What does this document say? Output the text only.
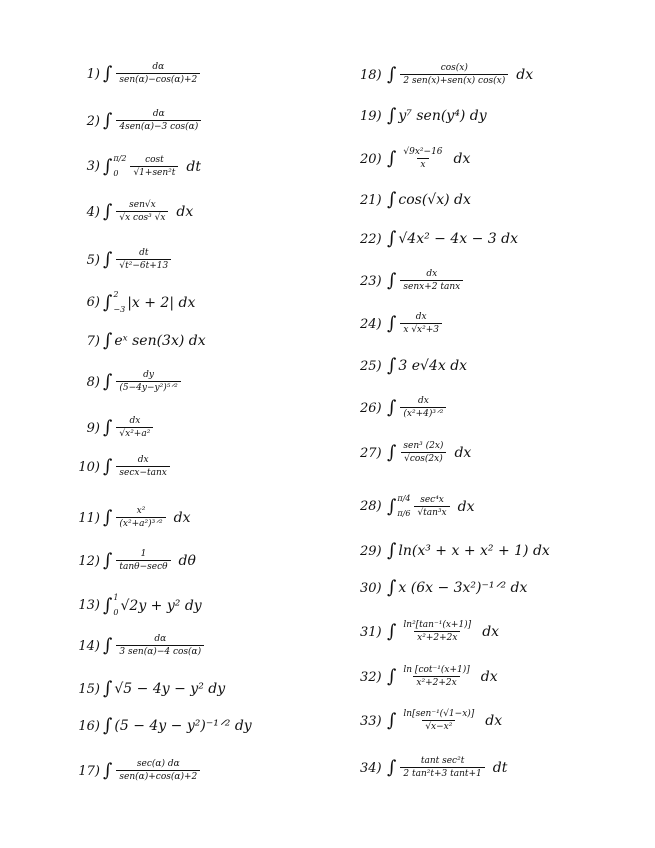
1) ∫ $\frac{d\alpha}{\text{sen(α)−cos(α)+2}}$
2) ∫ $\frac{d\alpha}{\text{4sen(α)−3 cos(α)}}$
3) ∫ π/2
0	$\frac{\cos t}{\text{√1+sen²t}}$ dt
4) ∫ $\frac{\text{sen√x}}{\text{√x cos³ √x}}$ dx
5) ∫ $\frac{dt}{\text{√t²−6t+13}}$
6) ∫ 2
−3 |x + 2| dx
7) ∫ eˣ sen(3x) dx
8) ∫ $\frac{dy}{\text{(5−4y−y²)⁵ᐟ²}}$
9) ∫ $\frac{dx}{\text{√x²+a²}}$
10) ∫ $\frac{dx}{\sec x-\tan x}$
11) ∫ $\frac{\text{x²}}{\text{(x²+a²)³ᐟ²}}$ dx
12) ∫ $\frac{1}{\tan\theta-\sec\theta}$ dθ
13) ∫ 1
0 √2y + y² dy
14) ∫ $\frac{d\alpha}{\text{3 sen(α)−4 cos(α)}}$
15) ∫ √5 − 4y − y² dy
16) ∫ (5 − 4y − y²)⁻¹ᐟ² dy
17) ∫ $\frac{\sec(\alpha) d\alpha}{\text{sen(α)+cos(α)+2}}$
18) ∫ $\frac{\cos(x)}{\text{2 sen(x)+sen(x) cos(x)}}$ dx
19) ∫ y⁷ sen(y⁴) dy
20) ∫ $\frac{\text{√9x²−16}}{x}$ dx
21) ∫ cos(√x) dx
22) ∫ √4x² − 4x − 3 dx
23) ∫ $\frac{dx}{\text{senx+2 tanx}}$
24) ∫ $\frac{dx}{\text{x √x²+3}}$
25) ∫ 3 e√4x dx
26) ∫ $\frac{dx}{\text{(x²+4)³ᐟ²}}$
27) ∫ $\frac{\text{sen³ (2x)}}{√\cos(2x)}$ dx
28) ∫ π/4
$\pi/6 \frac{\text{sec⁴x}}{\text{√tan³x}}$ dx
29) ∫ ln(x³ + x + x² + 1) dx
30) ∫ x (6x − 3x²)⁻¹ᐟ² dx
31) ∫ $\frac{\text{ln²[tan⁻¹(x+1)]}}{\text{x²+2+2x}}$ dx
32) ∫ $\frac{\text{ln [cot⁻¹(x+1)]}}{\text{x²+2+2x}}$ dx
33) ∫ $\frac{\text{ln[sen⁻¹(√1−x)]}}{\text{√x−x²}}$ dx
34) ∫ $\frac{\text{tant sec²t}}{\text{2 tan²t+3 tant+1}}$ dt
